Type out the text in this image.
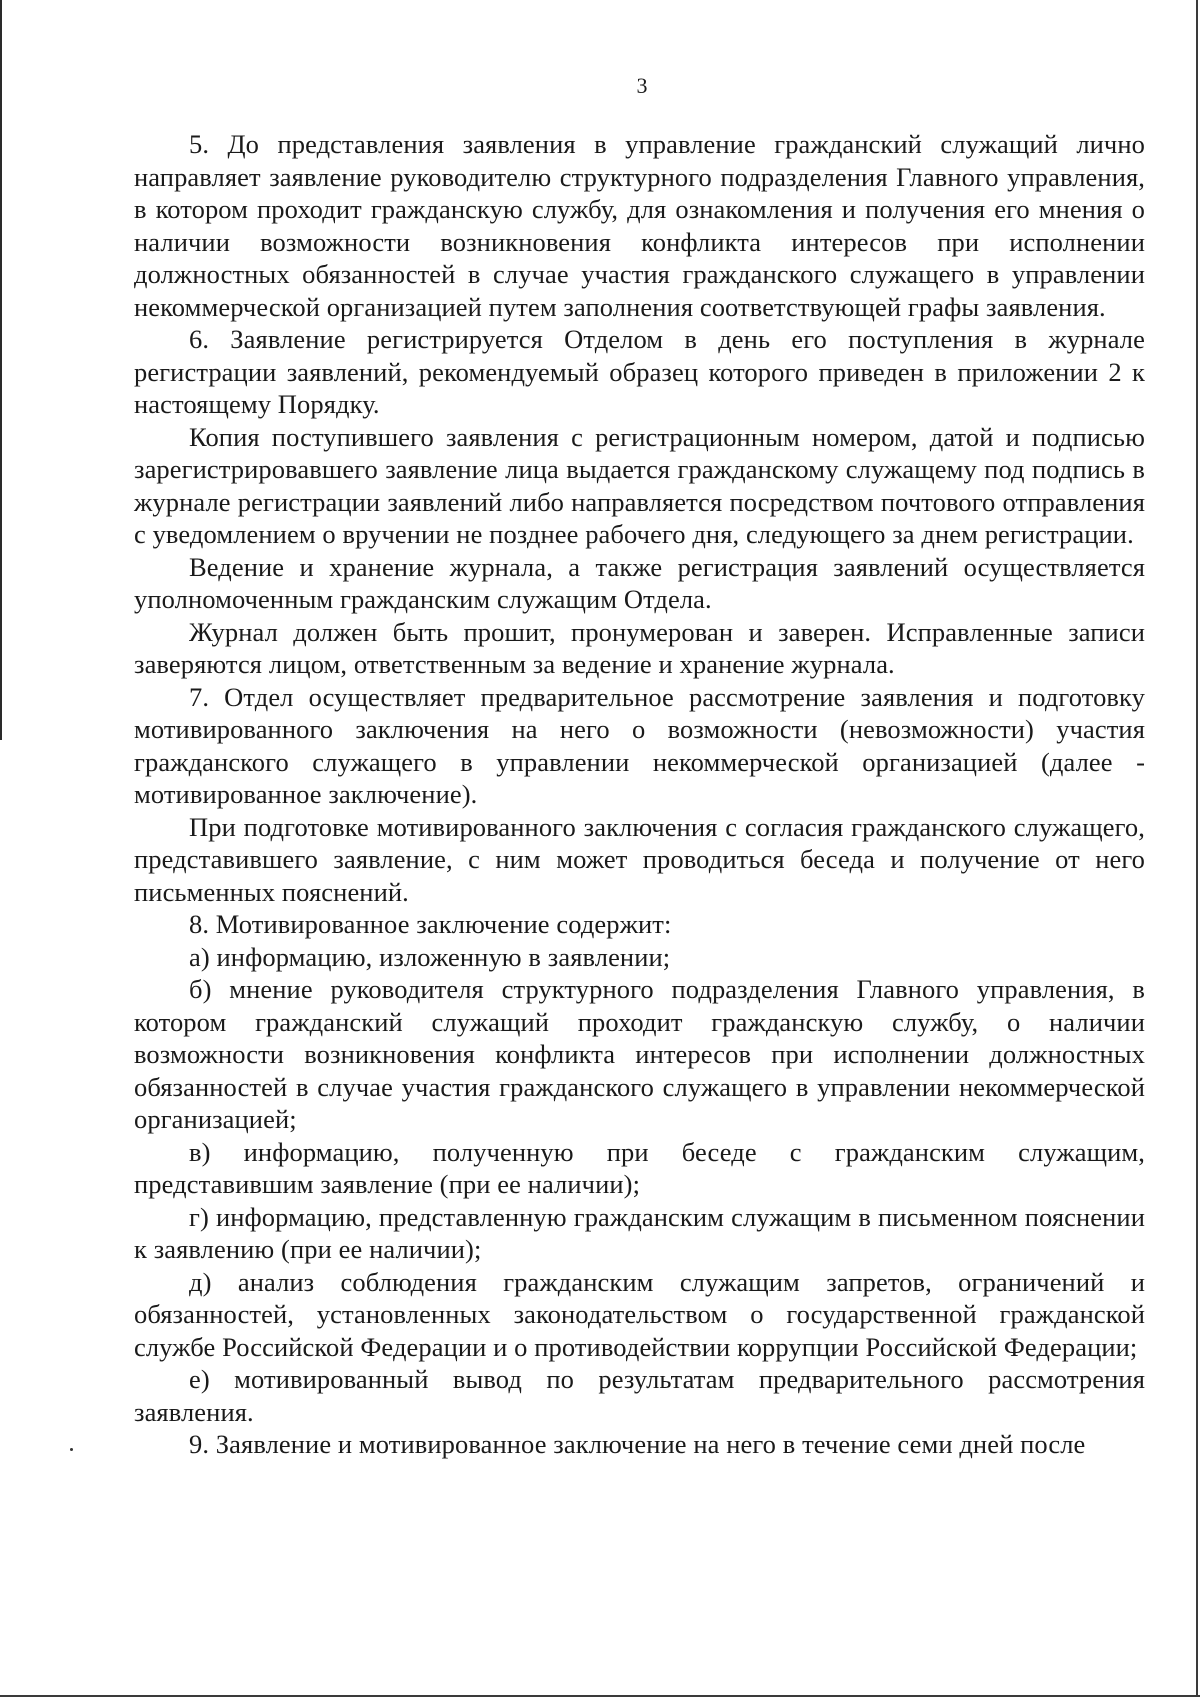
3

5. До представления заявления в управление гражданский служащий лично направляет заявление руководителю структурного подразделения Главного управления, в котором проходит гражданскую службу, для ознакомления и получения его мнения о наличии возможности возникновения конфликта интересов при исполнении должностных обязанностей в случае участия гражданского служащего в управлении некоммерческой организацией путем заполнения соответствующей графы заявления.

6. Заявление регистрируется Отделом в день его поступления в журнале регистрации заявлений, рекомендуемый образец которого приведен в приложении 2 к настоящему Порядку.

Копия поступившего заявления с регистрационным номером, датой и подписью зарегистрировавшего заявление лица выдается гражданскому служащему под подпись в журнале регистрации заявлений либо направляется посредством почтового отправления с уведомлением о вручении не позднее рабочего дня, следующего за днем регистрации.

Ведение и хранение журнала, а также регистрация заявлений осуществляется уполномоченным гражданским служащим Отдела.

Журнал должен быть прошит, пронумерован и заверен. Исправленные записи заверяются лицом, ответственным за ведение и хранение журнала.

7. Отдел осуществляет предварительное рассмотрение заявления и подготовку мотивированного заключения на него о возможности (невозможности) участия гражданского служащего в управлении некоммерческой организацией (далее - мотивированное заключение).

При подготовке мотивированного заключения с согласия гражданского служащего, представившего заявление, с ним может проводиться беседа и получение от него письменных пояснений.

8. Мотивированное заключение содержит:

а) информацию, изложенную в заявлении;

б) мнение руководителя структурного подразделения Главного управления, в котором гражданский служащий проходит гражданскую службу, о наличии возможности возникновения конфликта интересов при исполнении должностных обязанностей в случае участия гражданского служащего в управлении некоммерческой организацией;

в) информацию, полученную при беседе с гражданским служащим, представившим заявление (при ее наличии);

г) информацию, представленную гражданским служащим в письменном пояснении к заявлению (при ее наличии);

д) анализ соблюдения гражданским служащим запретов, ограничений и обязанностей, установленных законодательством о государственной гражданской службе Российской Федерации и о противодействии коррупции Российской Федерации;

е) мотивированный вывод по результатам предварительного рассмотрения заявления.

9. Заявление и мотивированное заключение на него в течение семи дней после
